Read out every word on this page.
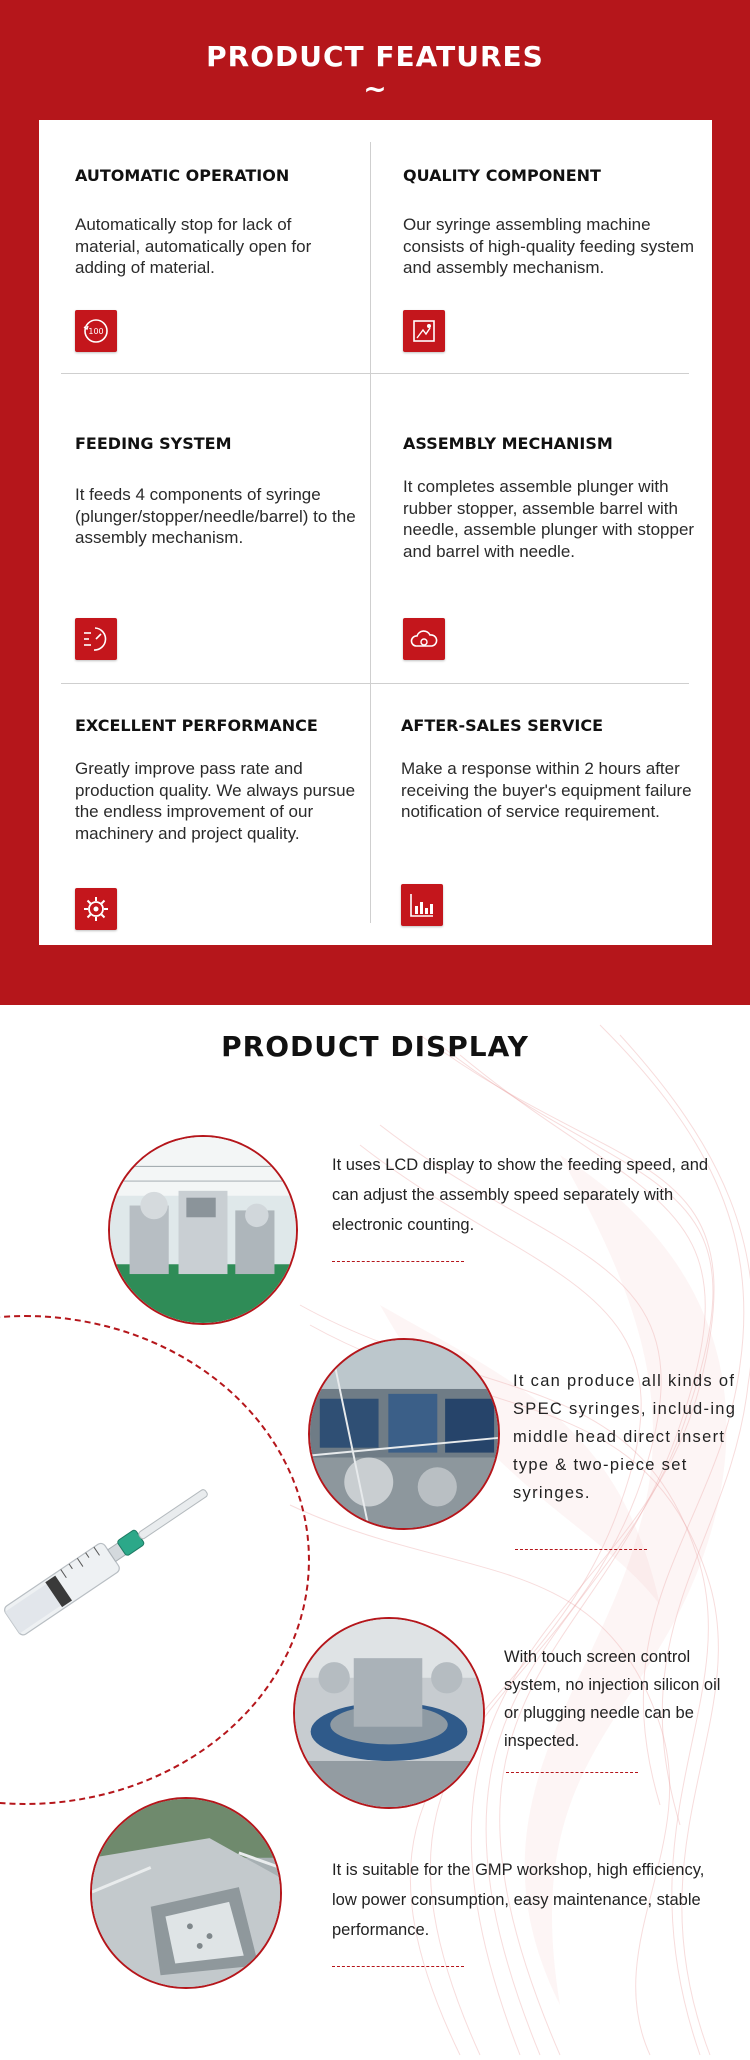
PRODUCT FEATURES
~
AUTOMATIC OPERATION

Automatically stop for lack of material, automatically open for adding of material.

100
QUALITY COMPONENT

Our syringe assembling machine consists of high-quality feeding system and assembly mechanism.

FEEDING SYSTEM

It feeds 4 components of syringe (plunger/stopper/needle/barrel) to the assembly mechanism.

ASSEMBLY MECHANISM

It completes assemble plunger with rubber stopper, assemble barrel with needle, assemble plunger with stopper and barrel with needle.

EXCELLENT PERFORMANCE

Greatly improve pass rate and production quality. We always pursue the endless improvement of our machinery and project quality.

AFTER-SALES SERVICE

Make a response within 2 hours after receiving the buyer's equipment failure notification of service requirement.

PRODUCT DISPLAY

It uses LCD display to show the feeding speed, and can adjust the assembly speed separately with electronic counting.

It can produce all kinds of SPEC syringes, includ-ing middle head direct insert type & two-piece set syringes.

With touch screen control system, no injection silicon oil or plugging needle can be inspected.

It is suitable for the GMP workshop, high efficiency, low power consumption, easy maintenance, stable performance.
